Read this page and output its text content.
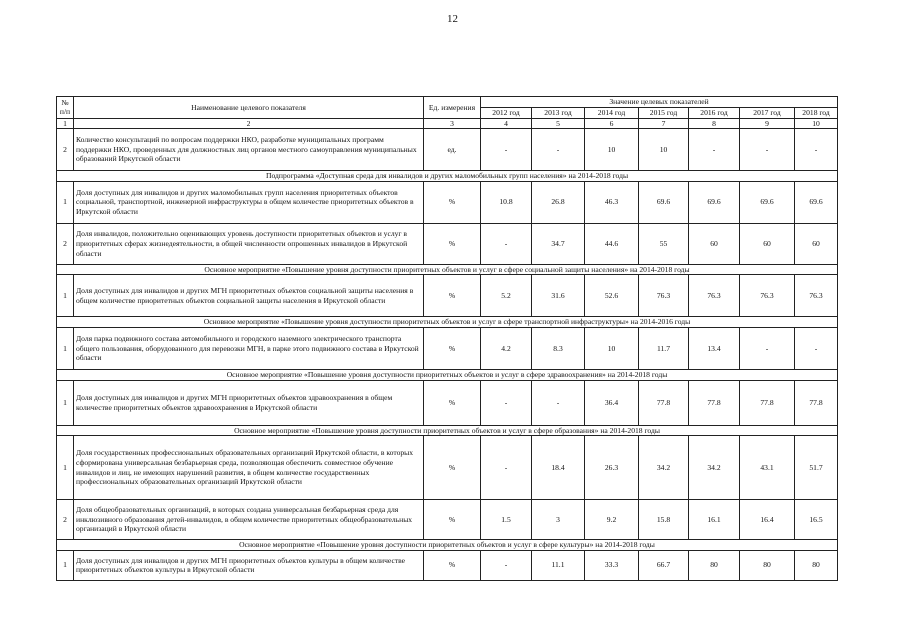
12
№ п/п	Наименование целевого показателя	Ед. измерения	Значение целевых показателей						
			2012 год	2013 год	2014 год	2015 год	2016 год	2017 год	2018 год
1	2	3	4	5	6	7	8	9	10
2	Количество консультаций по вопросам поддержки НКО, разработке муниципальных программ поддержки НКО, проведенных для должностных лиц органов местного самоуправления муниципальных образований Иркутской области	ед.	-	-	10	10	-	-	-
Подпрограмма «Доступная среда для инвалидов и других маломобильных групп населения» на 2014-2018 годы									
1	Доля доступных для инвалидов и других маломобильных групп населения приоритетных объектов социальной, транспортной, инженерной инфраструктуры в общем количестве приоритетных объектов в Иркутской области	%	10.8	26.8	46.3	69.6	69.6	69.6	69.6
2	Доля инвалидов, положительно оценивающих уровень доступности приоритетных объектов и услуг в приоритетных сферах жизнедеятельности, в общей численности опрошенных инвалидов в Иркутской области	%	-	34.7	44.6	55	60	60	60
Основное мероприятие «Повышение уровня доступности приоритетных объектов и услуг в сфере социальной защиты населения» на 2014-2018 годы									
1	Доля доступных для инвалидов и других МГН приоритетных объектов социальной защиты населения в общем количестве приоритетных объектов социальной защиты населения в Иркутской области	%	5.2	31.6	52.6	76.3	76.3	76.3	76.3
Основное мероприятие «Повышение уровня доступности приоритетных объектов и услуг в сфере транспортной инфраструктуры» на 2014-2016 годы									
1	Доля парка подвижного состава автомобильного и городского наземного электрического транспорта общего пользования, оборудованного для перевозки МГН, в парке этого подвижного состава в Иркутской области	%	4.2	8.3	10	11.7	13.4	-	-
Основное мероприятие «Повышение уровня доступности приоритетных объектов и услуг в сфере здравоохранения» на 2014-2018 годы									
1	Доля доступных для инвалидов и других МГН приоритетных объектов здравоохранения в общем количестве приоритетных объектов здравоохранения в Иркутской области	%	-	-	36.4	77.8	77.8	77.8	77.8
Основное мероприятие «Повышение уровня доступности приоритетных объектов и услуг в сфере образования» на 2014-2018 годы									
1	Доля государственных профессиональных образовательных организаций Иркутской области, в которых сформирована универсальная безбарьерная среда, позволяющая обеспечить совместное обучение инвалидов и лиц, не имеющих нарушений развития, в общем количестве государственных профессиональных образовательных организаций Иркутской области	%	-	18.4	26.3	34.2	34.2	43.1	51.7
2	Доля общеобразовательных организаций, в которых создана универсальная безбарьерная среда для инклюзивного образования детей-инвалидов, в общем количестве приоритетных общеобразовательных организаций в Иркутской области	%	1.5	3	9.2	15.8	16.1	16.4	16.5
Основное мероприятие «Повышение уровня доступности приоритетных объектов и услуг в сфере культуры» на 2014-2018 годы									
1	Доля доступных для инвалидов и других МГН приоритетных объектов культуры в общем количестве приоритетных объектов культуры в Иркутской области	%	-	11.1	33.3	66.7	80	80	80
